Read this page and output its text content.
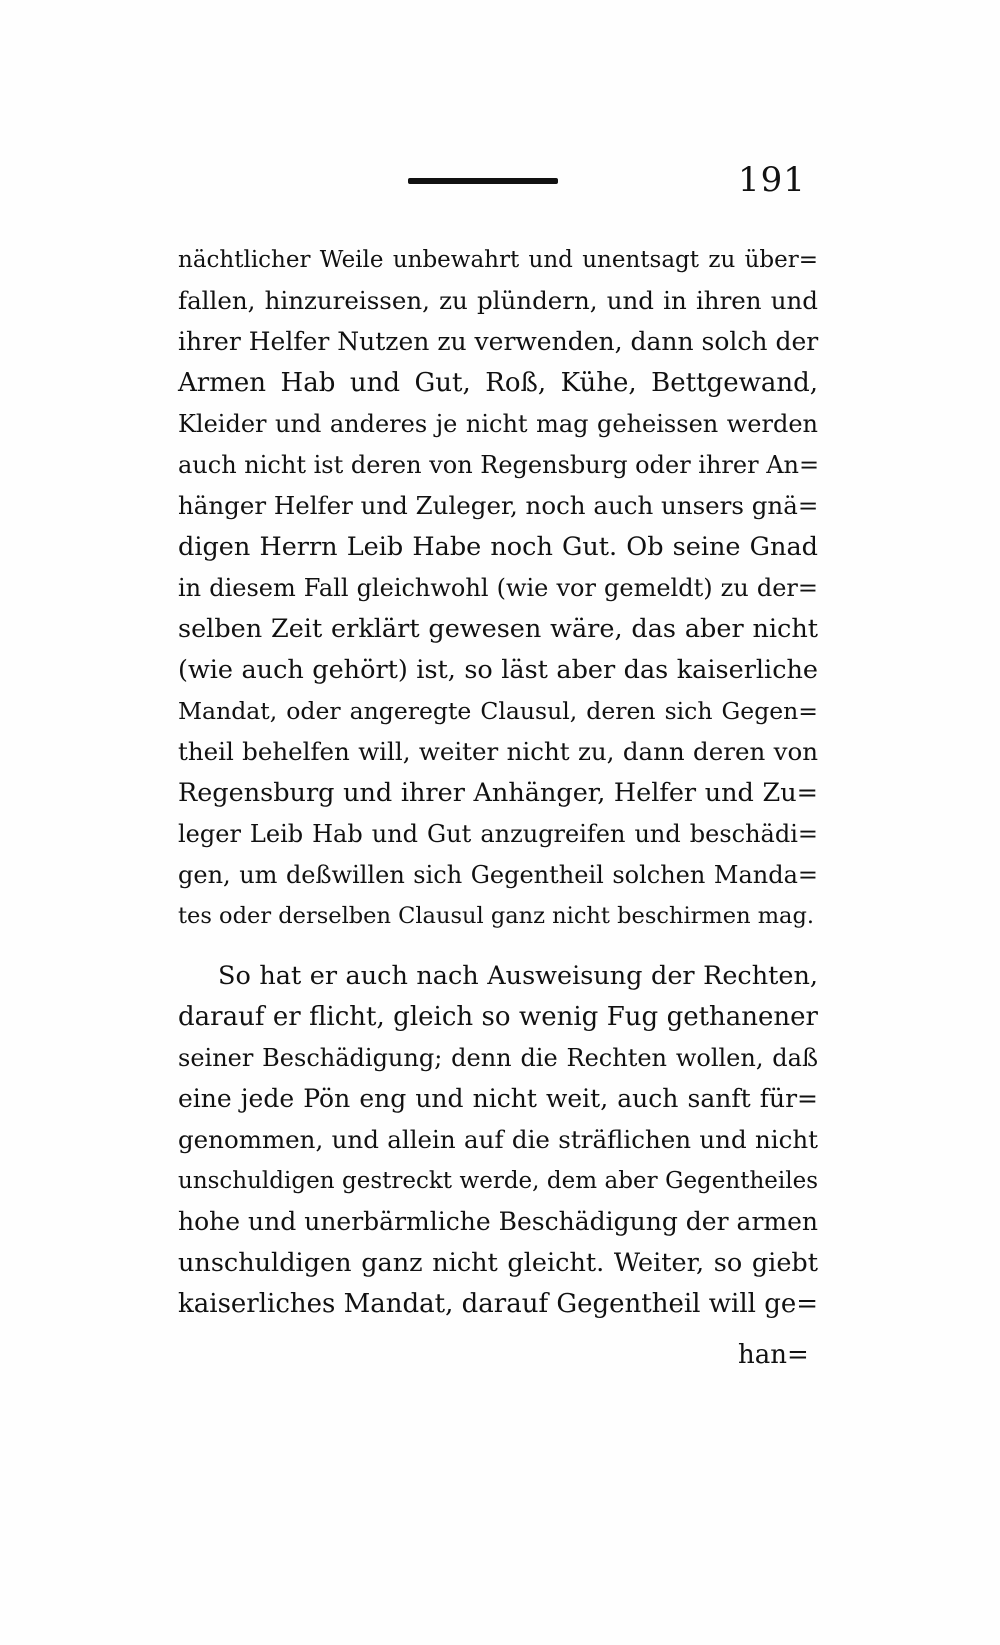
191
nächtlicher Weile unbewahrt und unentsagt zu über=
fallen, hinzureissen, zu plündern, und in ihren und
ihrer Helfer Nutzen zu verwenden, dann solch der
Armen Hab und Gut, Roß, Kühe, Bettgewand,
Kleider und anderes je nicht mag geheissen werden
auch nicht ist deren von Regensburg oder ihrer An=
hänger Helfer und Zuleger, noch auch unsers gnä=
digen Herrn Leib Habe noch Gut. Ob seine Gnad
in diesem Fall gleichwohl (wie vor gemeldt) zu der=
selben Zeit erklärt gewesen wäre, das aber nicht
(wie auch gehört) ist, so läst aber das kaiserliche
Mandat, oder angeregte Clausul, deren sich Gegen=
theil behelfen will, weiter nicht zu, dann deren von
Regensburg und ihrer Anhänger, Helfer und Zu=
leger Leib Hab und Gut anzugreifen und beschädi=
gen, um deßwillen sich Gegentheil solchen Manda=
tes oder derselben Clausul ganz nicht beschirmen mag.
So hat er auch nach Ausweisung der Rechten,
darauf er flicht, gleich so wenig Fug gethanener
seiner Beschädigung; denn die Rechten wollen, daß
eine jede Pön eng und nicht weit, auch sanft für=
genommen, und allein auf die sträflichen und nicht
unschuldigen gestreckt werde, dem aber Gegentheiles
hohe und unerbärmliche Beschädigung der armen
unschuldigen ganz nicht gleicht. Weiter, so giebt
kaiserliches Mandat, darauf Gegentheil will ge=
han=
